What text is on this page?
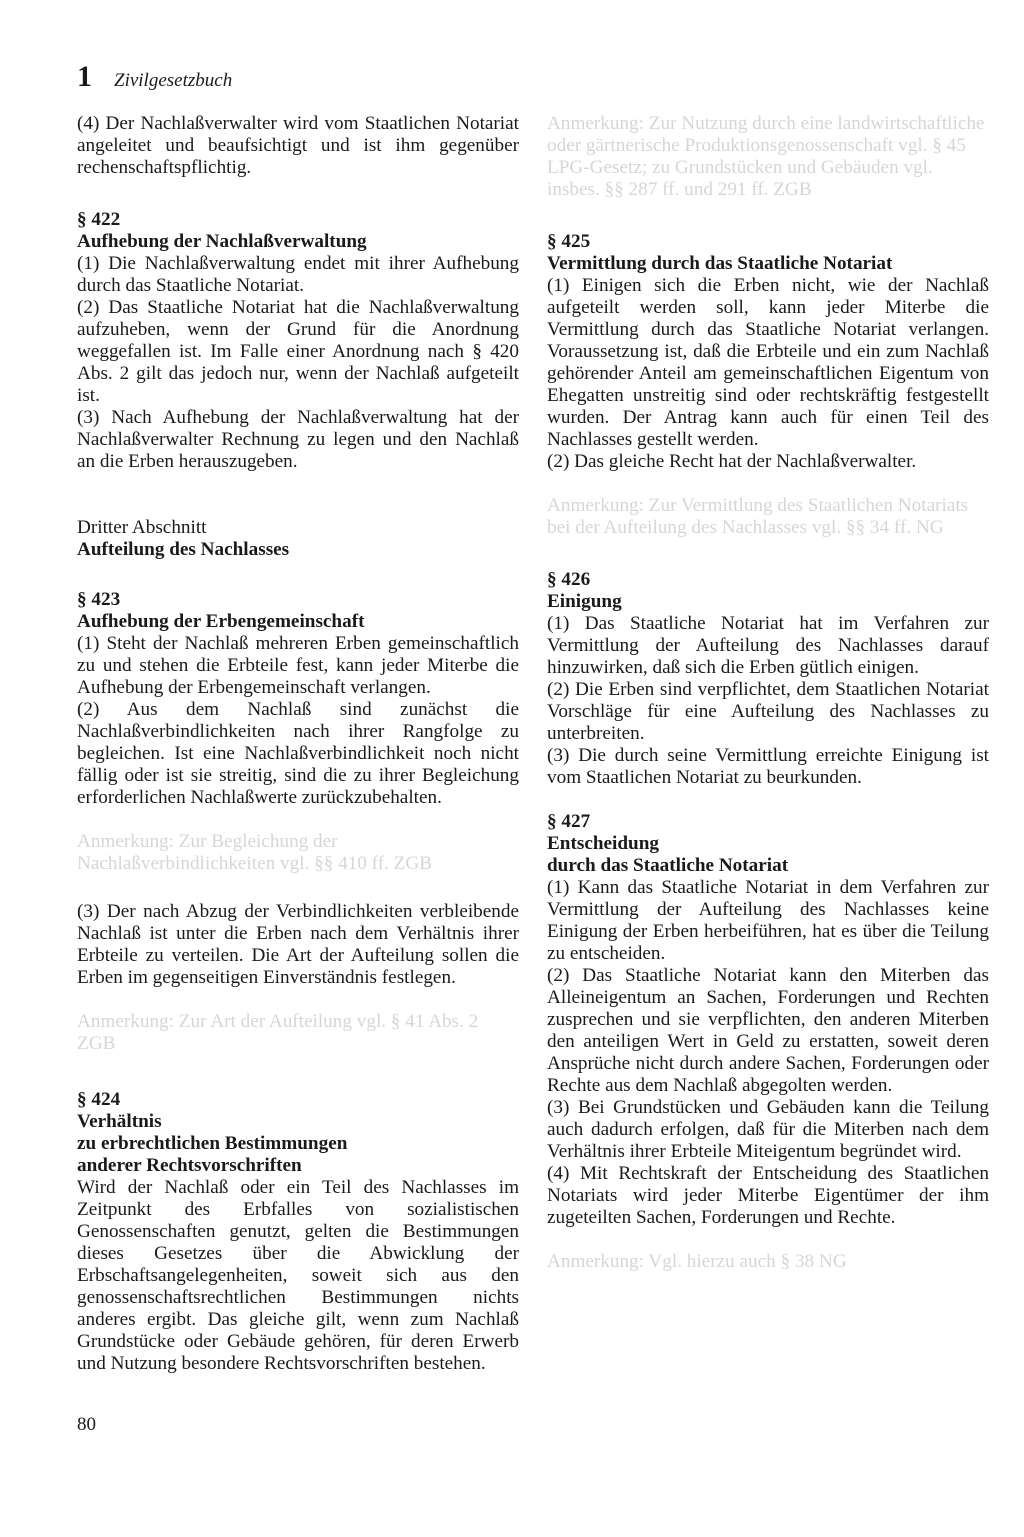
1 Zivilgesetzbuch

(4) Der Nachlaßverwalter wird vom Staatlichen Notariat angeleitet und beaufsichtigt und ist ihm gegenüber rechenschaftspflichtig.

§ 422
Aufhebung der Nachlaßverwaltung

(1) Die Nachlaßverwaltung endet mit ihrer Aufhebung durch das Staatliche Notariat.

(2) Das Staatliche Notariat hat die Nachlaßverwaltung aufzuheben, wenn der Grund für die Anordnung weggefallen ist. Im Falle einer Anordnung nach § 420 Abs. 2 gilt das jedoch nur, wenn der Nachlaß aufgeteilt ist.

(3) Nach Aufhebung der Nachlaßverwaltung hat der Nachlaßverwalter Rechnung zu legen und den Nachlaß an die Erben herauszugeben.

Dritter Abschnitt
Aufteilung des Nachlasses
§ 423
Aufhebung der Erbengemeinschaft

(1) Steht der Nachlaß mehreren Erben gemeinschaftlich zu und stehen die Erbteile fest, kann jeder Miterbe die Aufhebung der Erbengemeinschaft verlangen.

(2) Aus dem Nachlaß sind zunächst die Nachlaßverbindlichkeiten nach ihrer Rangfolge zu begleichen. Ist eine Nachlaßverbindlichkeit noch nicht fällig oder ist sie streitig, sind die zu ihrer Begleichung erforderlichen Nachlaßwerte zurückzubehalten.

Anmerkung: Zur Begleichung der Nachlaßverbindlichkeiten vgl. §§ 410 ff. ZGB

(3) Der nach Abzug der Verbindlichkeiten verbleibende Nachlaß ist unter die Erben nach dem Verhältnis ihrer Erbteile zu verteilen. Die Art der Aufteilung sollen die Erben im gegenseitigen Einverständnis festlegen.

Anmerkung: Zur Art der Aufteilung vgl. § 41 Abs. 2 ZGB

§ 424
Verhältnis
zu erbrechtlichen Bestimmungen
anderer Rechtsvorschriften

Wird der Nachlaß oder ein Teil des Nachlasses im Zeitpunkt des Erbfalles von sozialistischen Genossenschaften genutzt, gelten die Bestimmungen dieses Gesetzes über die Abwicklung der Erbschaftsangelegenheiten, soweit sich aus den genossenschaftsrechtlichen Bestimmungen nichts anderes ergibt. Das gleiche gilt, wenn zum Nachlaß Grundstücke oder Gebäude gehören, für deren Erwerb und Nutzung besondere Rechtsvorschriften bestehen.

Anmerkung: Zur Nutzung durch eine landwirtschaftliche oder gärtnerische Produktionsgenossenschaft vgl. § 45 LPG-Gesetz; zu Grundstücken und Gebäuden vgl. insbes. §§ 287 ff. und 291 ff. ZGB

§ 425
Vermittlung durch das Staatliche Notariat

(1) Einigen sich die Erben nicht, wie der Nachlaß aufgeteilt werden soll, kann jeder Miterbe die Vermittlung durch das Staatliche Notariat verlangen. Voraussetzung ist, daß die Erbteile und ein zum Nachlaß gehörender Anteil am gemeinschaftlichen Eigentum von Ehegatten unstreitig sind oder rechtskräftig festgestellt wurden. Der Antrag kann auch für einen Teil des Nachlasses gestellt werden.

(2) Das gleiche Recht hat der Nachlaßverwalter.

Anmerkung: Zur Vermittlung des Staatlichen Notariats bei der Aufteilung des Nachlasses vgl. §§ 34 ff. NG

§ 426
Einigung

(1) Das Staatliche Notariat hat im Verfahren zur Vermittlung der Aufteilung des Nachlasses darauf hinzuwirken, daß sich die Erben gütlich einigen.

(2) Die Erben sind verpflichtet, dem Staatlichen Notariat Vorschläge für eine Aufteilung des Nachlasses zu unterbreiten.

(3) Die durch seine Vermittlung erreichte Einigung ist vom Staatlichen Notariat zu beurkunden.

§ 427
Entscheidung
durch das Staatliche Notariat

(1) Kann das Staatliche Notariat in dem Verfahren zur Vermittlung der Aufteilung des Nachlasses keine Einigung der Erben herbeiführen, hat es über die Teilung zu entscheiden.

(2) Das Staatliche Notariat kann den Miterben das Alleineigentum an Sachen, Forderungen und Rechten zusprechen und sie verpflichten, den anderen Miterben den anteiligen Wert in Geld zu erstatten, soweit deren Ansprüche nicht durch andere Sachen, Forderungen oder Rechte aus dem Nachlaß abgegolten werden.

(3) Bei Grundstücken und Gebäuden kann die Teilung auch dadurch erfolgen, daß für die Miterben nach dem Verhältnis ihrer Erbteile Miteigentum begründet wird.

(4) Mit Rechtskraft der Entscheidung des Staatlichen Notariats wird jeder Miterbe Eigentümer der ihm zugeteilten Sachen, Forderungen und Rechte.

Anmerkung: Vgl. hierzu auch § 38 NG

80
